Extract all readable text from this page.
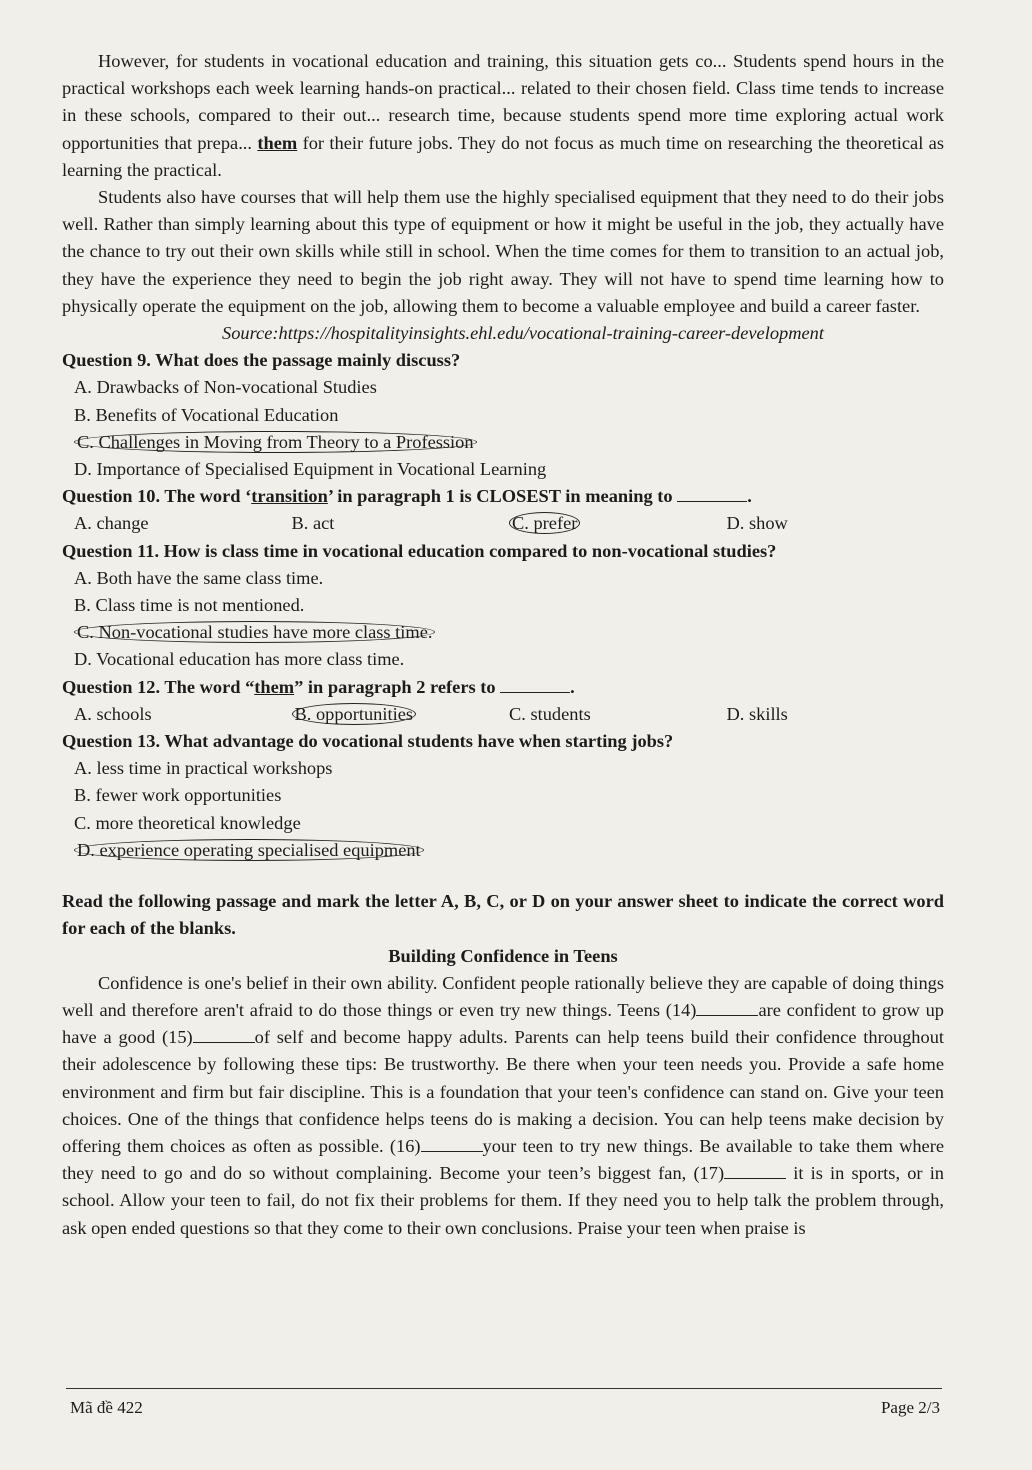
However, for students in vocational education and training, this situation gets co... Students spend hours in the practical workshops each week learning hands-on practical... related to their chosen field. Class time tends to increase in these schools, compared to their out... research time, because students spend more time exploring actual work opportunities that prepa... them for their future jobs. They do not focus as much time on researching the theoretical as learning the practical.

Students also have courses that will help them use the highly specialised equipment that they need to do their jobs well. Rather than simply learning about this type of equipment or how it might be useful in the job, they actually have the chance to try out their own skills while still in school. When the time comes for them to transition to an actual job, they have the experience they need to begin the job right away. They will not have to spend time learning how to physically operate the equipment on the job, allowing them to become a valuable employee and build a career faster.

Source:https://hospitalityinsights.ehl.edu/vocational-training-career-development

Question 9. What does the passage mainly discuss?
A. Drawbacks of Non-vocational Studies
B. Benefits of Vocational Education
C. Challenges in Moving from Theory to a Profession
D. Importance of Specialised Equipment in Vocational Learning
Question 10. The word ‘transition’ in paragraph 1 is CLOSEST in meaning to	.
A. change	B. act	C. prefer	D. show
Question 11. How is class time in vocational education compared to non-vocational studies?
A. Both have the same class time.
B. Class time is not mentioned.
C. Non-vocational studies have more class time.
D. Vocational education has more class time.
Question 12. The word “them” in paragraph 2 refers to	.
A. schools	B. opportunities	C. students	D. skills
Question 13. What advantage do vocational students have when starting jobs?
A. less time in practical workshops
B. fewer work opportunities
C. more theoretical knowledge
D. experience operating specialised equipment

Read the following passage and mark the letter A, B, C, or D on your answer sheet to indicate the correct word for each of the blanks.

Building Confidence in Teens

Confidence is one's belief in their own ability. Confident people rationally believe they are capable of doing things well and therefore aren't afraid to do those things or even try new things. Teens (14)	are confident to grow up have a good (15)	of self and become happy adults. Parents can help teens build their confidence throughout their adolescence by following these tips: Be trustworthy. Be there when your teen needs you. Provide a safe home environment and firm but fair discipline. This is a foundation that your teen's confidence can stand on. Give your teen choices. One of the things that confidence helps teens do is making a decision. You can help teens make decision by offering them choices as often as possible. (16)	your teen to try new things. Be available to take them where they need to go and do so without complaining. Become your teen’s biggest fan, (17)	it is in sports, or in school. Allow your teen to fail, do not fix their problems for them. If they need you to help talk the problem through, ask open ended questions so that they come to their own conclusions. Praise your teen when praise is

Mã đề 422	Page 2/3
